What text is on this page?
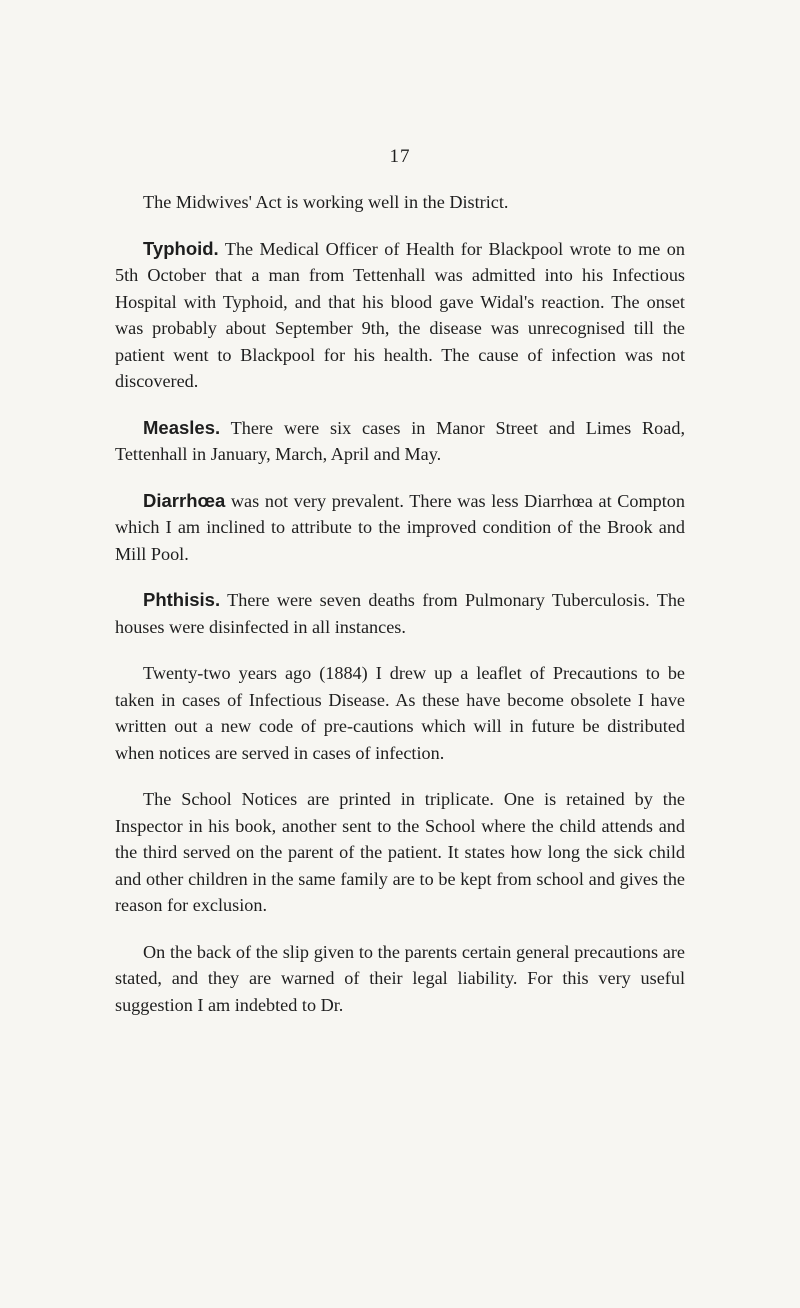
17

The Midwives' Act is working well in the District.

Typhoid. The Medical Officer of Health for Blackpool wrote to me on 5th October that a man from Tettenhall was admitted into his Infectious Hospital with Typhoid, and that his blood gave Widal's reaction. The onset was probably about September 9th, the disease was unrecognised till the patient went to Blackpool for his health. The cause of infection was not discovered.

Measles. There were six cases in Manor Street and Limes Road, Tettenhall in January, March, April and May.

Diarrhœa was not very prevalent. There was less Diarrhœa at Compton which I am inclined to attribute to the improved condition of the Brook and Mill Pool.

Phthisis. There were seven deaths from Pulmonary Tuberculosis. The houses were disinfected in all instances.

Twenty-two years ago (1884) I drew up a leaflet of Precautions to be taken in cases of Infectious Disease. As these have become obsolete I have written out a new code of pre-cautions which will in future be distributed when notices are served in cases of infection.

The School Notices are printed in triplicate. One is retained by the Inspector in his book, another sent to the School where the child attends and the third served on the parent of the patient. It states how long the sick child and other children in the same family are to be kept from school and gives the reason for exclusion.

On the back of the slip given to the parents certain general precautions are stated, and they are warned of their legal liability. For this very useful suggestion I am indebted to Dr.
